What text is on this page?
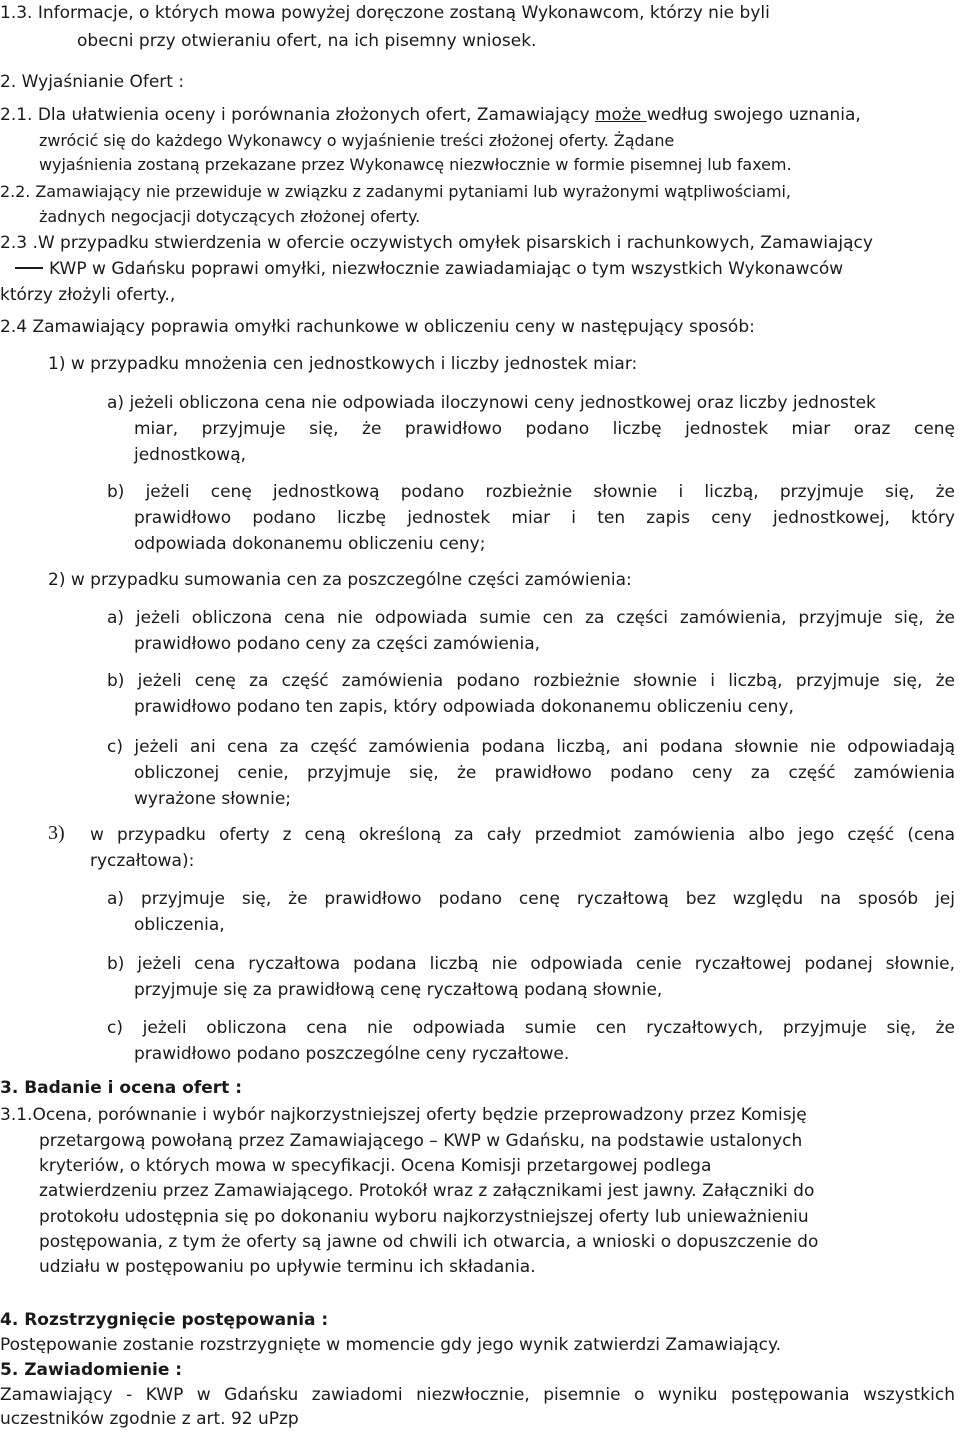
1.3. Informacje, o których mowa powyżej doręczone zostaną Wykonawcom, którzy nie byli
obecni przy otwieraniu ofert, na ich pisemny wniosek.
2. Wyjaśnianie Ofert :
2.1. Dla ułatwienia oceny i porównania złożonych ofert, Zamawiający może według swojego uznania,
zwrócić się do każdego Wykonawcy o wyjaśnienie treści złożonej oferty. Żądane
wyjaśnienia zostaną przekazane przez Wykonawcę niezwłocznie w formie pisemnej lub faxem.
2.2. Zamawiający nie przewiduje w związku z zadanymi pytaniami lub wyrażonymi wątpliwościami,
żadnych negocjacji dotyczących złożonej oferty.
2.3 .W przypadku stwierdzenia w ofercie oczywistych omyłek pisarskich i rachunkowych, Zamawiający
KWP w Gdańsku poprawi omyłki, niezwłocznie zawiadamiając o tym wszystkich Wykonawców
którzy złożyli oferty.,
2.4 Zamawiający poprawia omyłki rachunkowe w obliczeniu ceny w następujący sposób:
1) w przypadku mnożenia cen jednostkowych i liczby jednostek miar:
a) jeżeli obliczona cena nie odpowiada iloczynowi ceny jednostkowej oraz liczby jednostek
miar, przyjmuje się, że prawidłowo podano liczbę jednostek miar oraz cenę
jednostkową,
b) jeżeli cenę jednostkową podano rozbieżnie słownie i liczbą, przyjmuje się, że
prawidłowo podano liczbę jednostek miar i ten zapis ceny jednostkowej, który
odpowiada dokonanemu obliczeniu ceny;
2) w przypadku sumowania cen za poszczególne części zamówienia:
a) jeżeli obliczona cena nie odpowiada sumie cen za części zamówienia, przyjmuje się, że
prawidłowo podano ceny za części zamówienia,
b) jeżeli cenę za część zamówienia podano rozbieżnie słownie i liczbą, przyjmuje się, że
prawidłowo podano ten zapis, który odpowiada dokonanemu obliczeniu ceny,
c) jeżeli ani cena za część zamówienia podana liczbą, ani podana słownie nie odpowiadają
obliczonej cenie, przyjmuje się, że prawidłowo podano ceny za część zamówienia
wyrażone słownie;
3) w przypadku oferty z ceną określoną za cały przedmiot zamówienia albo jego część (cena
ryczałtowa):
a) przyjmuje się, że prawidłowo podano cenę ryczałtową bez względu na sposób jej
obliczenia,
b) jeżeli cena ryczałtowa podana liczbą nie odpowiada cenie ryczałtowej podanej słownie,
przyjmuje się za prawidłową cenę ryczałtową podaną słownie,
c) jeżeli obliczona cena nie odpowiada sumie cen ryczałtowych, przyjmuje się, że
prawidłowo podano poszczególne ceny ryczałtowe.
3. Badanie i ocena ofert :
3.1.Ocena, porównanie i wybór najkorzystniejszej oferty będzie przeprowadzony przez Komisję
przetargową powołaną przez Zamawiającego – KWP w Gdańsku, na podstawie ustalonych
kryteriów, o których mowa w specyfikacji. Ocena Komisji przetargowej podlega
zatwierdzeniu przez Zamawiającego. Protokół wraz z załącznikami jest jawny. Załączniki do
protokołu udostępnia się po dokonaniu wyboru najkorzystniejszej oferty lub unieważnieniu
postępowania, z tym że oferty są jawne od chwili ich otwarcia, a wnioski o dopuszczenie do
udziału w postępowaniu po upływie terminu ich składania.
4. Rozstrzygnięcie postępowania :
Postępowanie zostanie rozstrzygnięte w momencie gdy jego wynik zatwierdzi Zamawiający.
5. Zawiadomienie :
Zamawiający - KWP w Gdańsku zawiadomi niezwłocznie, pisemnie o wyniku postępowania wszystkich
uczestników zgodnie z art. 92 uPzp
